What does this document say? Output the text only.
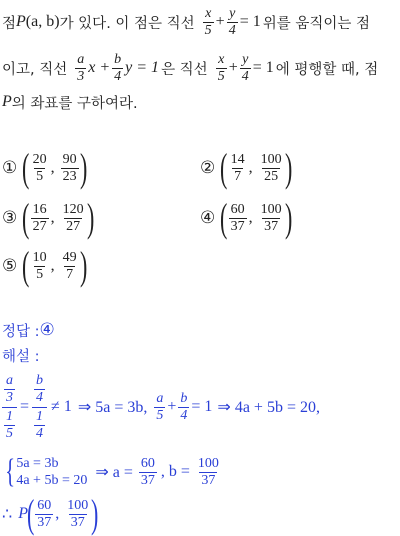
점 P (a, b) 가 있다. 이 점은 직선 $\frac{x}{5} + \frac{y}{4} = 1$ 위를 움직이는 점
이고, 직선 $\frac{a}{3}$ $x + \frac{b}{4}$ y = 1 은 직선 $\frac{x}{5} + \frac{y}{4} = 1$ 에 평행할 때, 점
P 의 좌표를 구하여라.
① ( $\frac{20}{5}$ , $\frac{90}{23}$ )	② ( $\frac{14}{7}$ , $\frac{100}{25}$ )
③ ( $\frac{16}{27}$ , $\frac{120}{27}$ )	④ ( $\frac{60}{37}$ , $\frac{100}{37}$ )
⑤ ( $\frac{10}{5}$ , $\frac{49}{7}$ )
정답 : ④
해설 :
$\frac{\frac{a}{3}}{\frac{1}{5}} = \frac{\frac{b}{4}}{\frac{1}{4}} \ne 1$ ⇒ 5a = 3b, $\frac{a}{5} + \frac{b}{4} = 1$ ⇒ 4a + 5b = 20,
{ 5a = 3b
4a + 5b = 20 ⇒ $a = \frac{60}{37}$ , $b = \frac{100}{37}$
∴ P
( $\frac{60}{37}$ , $\frac{100}{37}$ )
